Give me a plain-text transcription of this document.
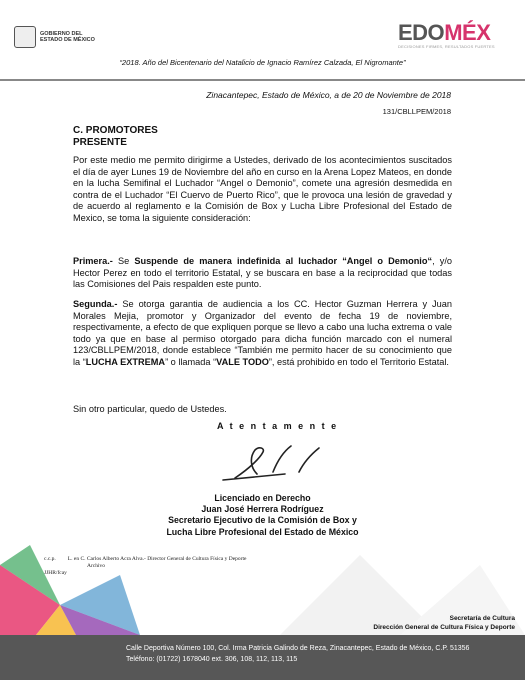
GOBIERNO DEL
ESTADO DE MÉXICO	EDOMÉX
DECISIONES FIRMES, RESULTADOS FUERTES
“2018. Año del Bicentenario del Natalicio de Ignacio Ramírez Calzada, El Nigromante”
Zinacantepec, Estado de México, a de 20 de Noviembre de 2018
131/CBLLPEM/2018
C. PROMOTORES
PRESENTE
Por este medio me permito dirigirme a Ustedes, derivado de los acontecimientos suscitados el día de ayer Lunes 19 de Noviembre del año en curso en la Arena Lopez Mateos, en donde en la lucha Semifinal el Luchador “Angel o Demonio”, comete una agresión desmedida en contra de el Luchador “El Cuervo de Puerto Rico”, que le provoca una lesión de gravedad y de acuerdo al reglamento e la Comisión de Box y Lucha Libre Profesional del Estado de Mexico, se toma la siguiente consideración:
Primera.- Se Suspende de manera indefinida al luchador “Angel o Demonio“, y/o Hector Perez en todo el territorio Estatal, y se buscara en base a la reciprocidad que todas las Comisiones del Pais respalden este punto.
Segunda.- Se otorga garantia de audiencia a los CC. Hector Guzman Herrera y Juan Morales Mejia, promotor y Organizador del evento de fecha 19 de noviembre, respectivamente, a efecto de que expliquen porque se llevo a cabo una lucha extrema o vale todo ya que en base al permiso otorgado para dicha función marcado con el numeral 123/CBLLPEM/2018, donde establece “También me permito hacer de su conocimiento que la “LUCHA EXTREMA” o llamada “VALE TODO”, está prohibido en todo el Territorio Estatal.
Sin otro particular, quedo de Ustedes.
A t e n t a m e n t e
Licenciado en Derecho
Juan José Herrera Rodríguez
Secretario Ejecutivo de la Comisión de Box y
Lucha Libre Profesional del Estado de México
c.c.p. L. en C. Carlos Alberto Acra Alva.- Director General de Cultura Física y Deporte
Archivo
JJHR/fcay
Secretaría de Cultura
Dirección General de Cultura Física y Deporte
Calle Deportiva Número 100, Col. Irma Patricia Galindo de Reza, Zinacantepec, Estado de México, C.P. 51356
Teléfono: (01722) 1678040 ext. 306, 108, 112, 113, 115
